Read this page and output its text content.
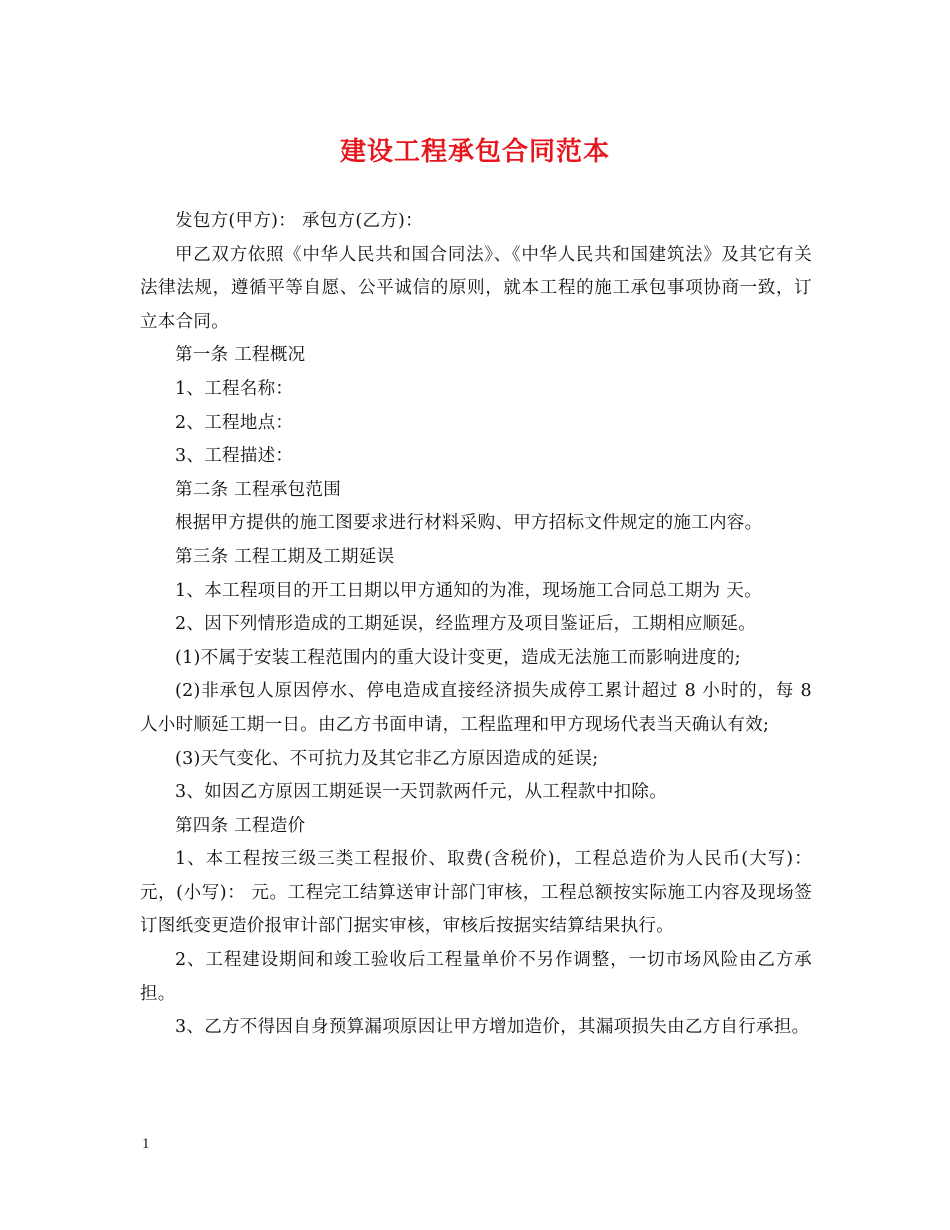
建设工程承包合同范本

发包方(甲方)： 承包方(乙方)：

甲乙双方依照《中华人民共和国合同法》、《中华人民共和国建筑法》及其它有关法律法规，遵循平等自愿、公平诚信的原则，就本工程的施工承包事项协商一致，订立本合同。

第一条 工程概况

1、工程名称：

2、工程地点：

3、工程描述：

第二条 工程承包范围

根据甲方提供的施工图要求进行材料采购、甲方招标文件规定的施工内容。

第三条 工程工期及工期延误

1、本工程项目的开工日期以甲方通知的为准，现场施工合同总工期为 天。

2、因下列情形造成的工期延误，经监理方及项目鉴证后，工期相应顺延。

(1)不属于安装工程范围内的重大设计变更，造成无法施工而影响进度的;

(2)非承包人原因停水、停电造成直接经济损失成停工累计超过 8 小时的，每 8 人小时顺延工期一日。由乙方书面申请，工程监理和甲方现场代表当天确认有效;

(3)天气变化、不可抗力及其它非乙方原因造成的延误;

3、如因乙方原因工期延误一天罚款两仟元，从工程款中扣除。

第四条 工程造价

1、本工程按三级三类工程报价、取费(含税价)，工程总造价为人民币(大写)： 元，(小写)： 元。工程完工结算送审计部门审核，工程总额按实际施工内容及现场签订图纸变更造价报审计部门据实审核，审核后按据实结算结果执行。

2、工程建设期间和竣工验收后工程量单价不另作调整，一切市场风险由乙方承担。

3、乙方不得因自身预算漏项原因让甲方增加造价，其漏项损失由乙方自行承担。

1
